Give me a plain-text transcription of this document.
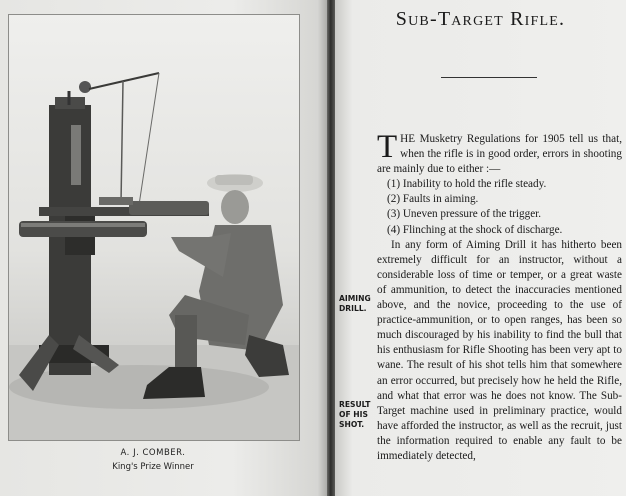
A. J. COMBER.
King's Prize Winner
Sub-Target Rifle.

T HE Musketry Regulations for 1905 tell us that, when the rifle is in good order, errors in shooting are mainly due to either :—

(1) Inability to hold the rifle steady.
(2) Faults in aiming.
(3) Uneven pressure of the trigger.
(4) Flinching at the shock of discharge.

In any form of Aiming Drill it has hitherto been extremely difficult for an instructor, without a considerable loss of time or temper, or a great waste of ammunition, to detect the inaccuracies mentioned above, and the novice, proceeding to the use of practice-ammunition, or to open ranges, has been so much discouraged by his inability to find the bull that his enthusiasm for Rifle Shooting has been very apt to wane. The result of his shot tells him that somewhere an error occurred, but precisely how he held the Rifle, and what that error was he does not know. The Sub-Target machine used in preliminary practice, would have afforded the instructor, as well as the recruit, just the information required to enable any fault to be immediately detected,

AIMING DRILL.
RESULT OF HIS SHOT.
